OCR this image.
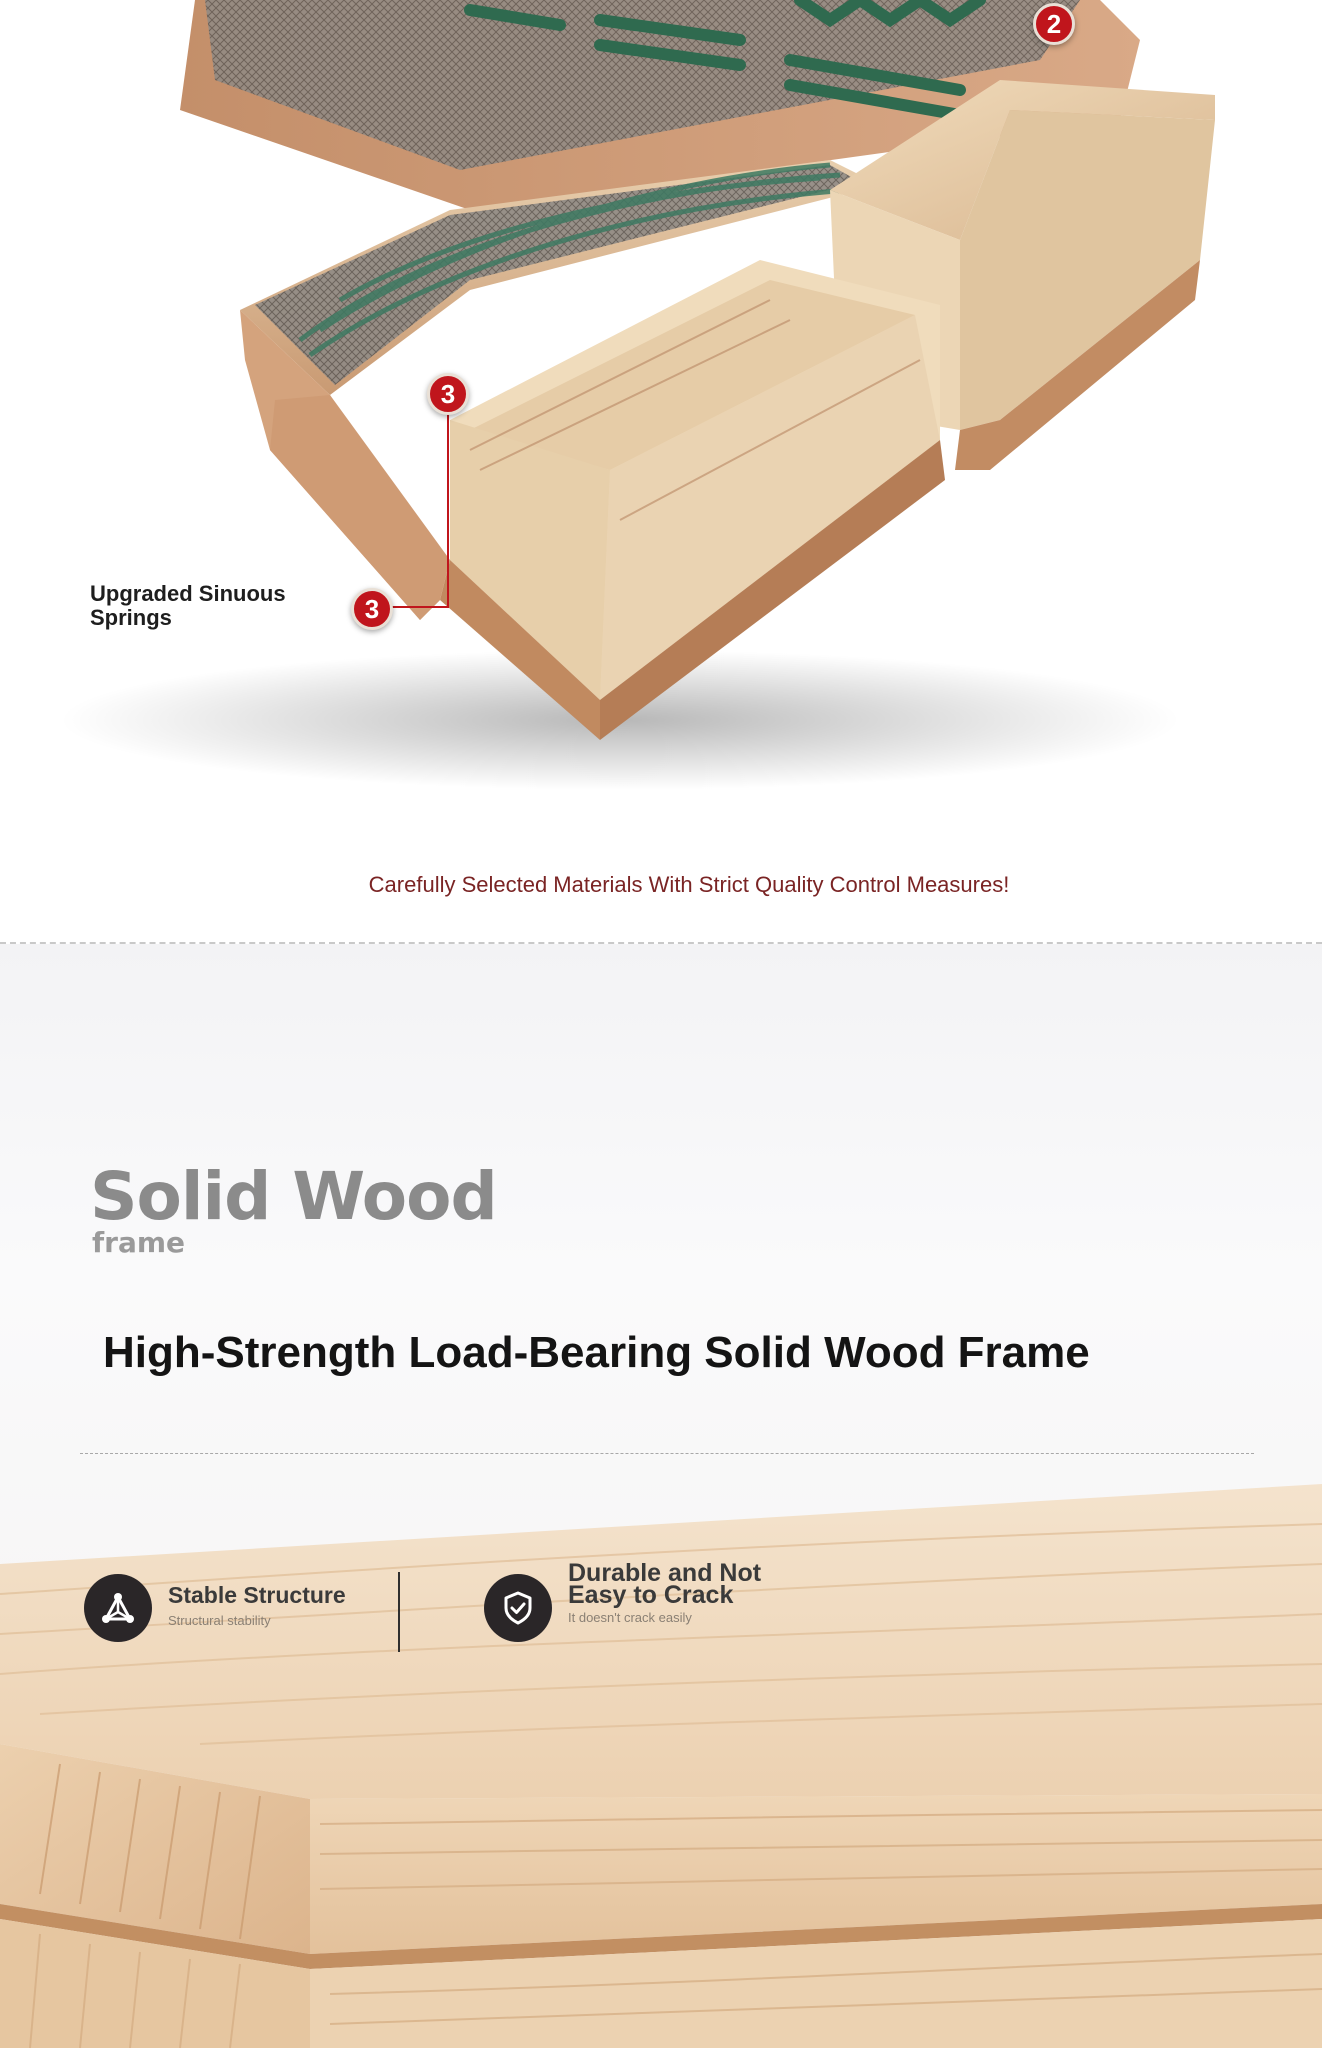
2
3
3
Upgraded Sinuous Springs
Carefully Selected Materials With Strict Quality Control Measures!
Solid Wood
frame
High-Strength Load-Bearing Solid Wood Frame
Stable Structure
Structural stability
Durable and Not Easy to Crack
It doesn't crack easily
